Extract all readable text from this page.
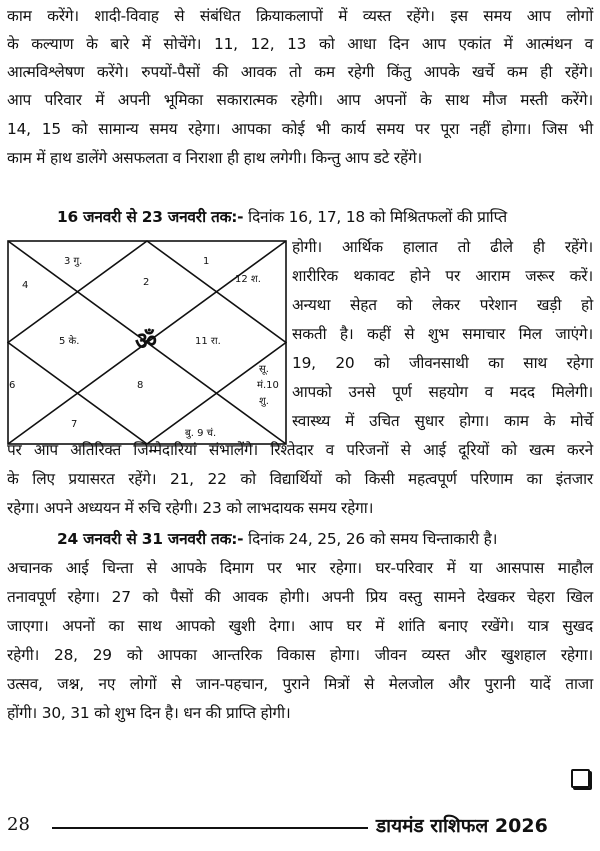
काम करेंगे। शादी-विवाह से संबंधित क्रियाकलापों में व्यस्त रहेंगे। इस समय आप लोगों
के कल्याण के बारे में सोचेंगे। 11, 12, 13 को आधा दिन आप एकांत में आत्मंथन व
आत्मविश्लेषण करेंगे। रुपयों-पैसों की आवक तो कम रहेगी किंतु आपके खर्चे कम ही रहेंगे।
आप परिवार में अपनी भूमिका सकारात्मक रहेगी। आप अपनों के साथ मौज मस्ती करेंगे।
14, 15 को सामान्य समय रहेगा। आपका कोई भी कार्य समय पर पूरा नहीं होगा। जिस भी
काम में हाथ डालेंगे असफलता व निराशा ही हाथ लगेगी। किन्तु आप डटे रहेंगे।
16 जनवरी से 23 जनवरी तक:- दिनांक 16, 17, 18 को मिश्रितफलों की प्राप्ति
ॐ
3 गु.	1
4	2	12 श.
5 के.	11 रा.
सू.
मं.10
शु.
6	8
7
बु. 9 चं.
होगी। आर्थिक हालात तो ढीले ही रहेंगे।
शारीरिक थकावट होने पर आराम जरूर करें।
अन्यथा सेहत को लेकर परेशान खड़ी हो
सकती है। कहीं से शुभ समाचार मिल जाएंगे।
19, 20 को जीवनसाथी का साथ रहेगा
आपको उनसे पूर्ण सहयोग व मदद मिलेगी।
स्वास्थ्य में उचित सुधार होगा। काम के मोर्चे
पर आप अतिरिक्त जिम्मेदारियां संभालेंगे। रिश्तेदार व परिजनों से आई दूरियों को खत्म करने
के लिए प्रयासरत रहेंगे। 21, 22 को विद्यार्थियों को किसी महत्वपूर्ण परिणाम का इंतजार
रहेगा। अपने अध्ययन में रुचि रहेगी। 23 को लाभदायक समय रहेगा।
24 जनवरी से 31 जनवरी तक:- दिनांक 24, 25, 26 को समय चिन्ताकारी है।
अचानक आई चिन्ता से आपके दिमाग पर भार रहेगा। घर-परिवार में या आसपास माहौल
तनावपूर्ण रहेगा। 27 को पैसों की आवक होगी। अपनी प्रिय वस्तु सामने देखकर चेहरा खिल
जाएगा। अपनों का साथ आपको खुशी देगा। आप घर में शांति बनाए रखेंगे। यात्र सुखद
रहेगी। 28, 29 को आपका आन्तरिक विकास होगा। जीवन व्यस्त और खुशहाल रहेगा।
उत्सव, जश्न, नए लोगों से जान-पहचान, पुराने मित्रों से मेलजोल और पुरानी यादें ताजा
होंगी। 30, 31 को शुभ दिन है। धन की प्राप्ति होगी।
28	डायमंड राशिफल 2026
